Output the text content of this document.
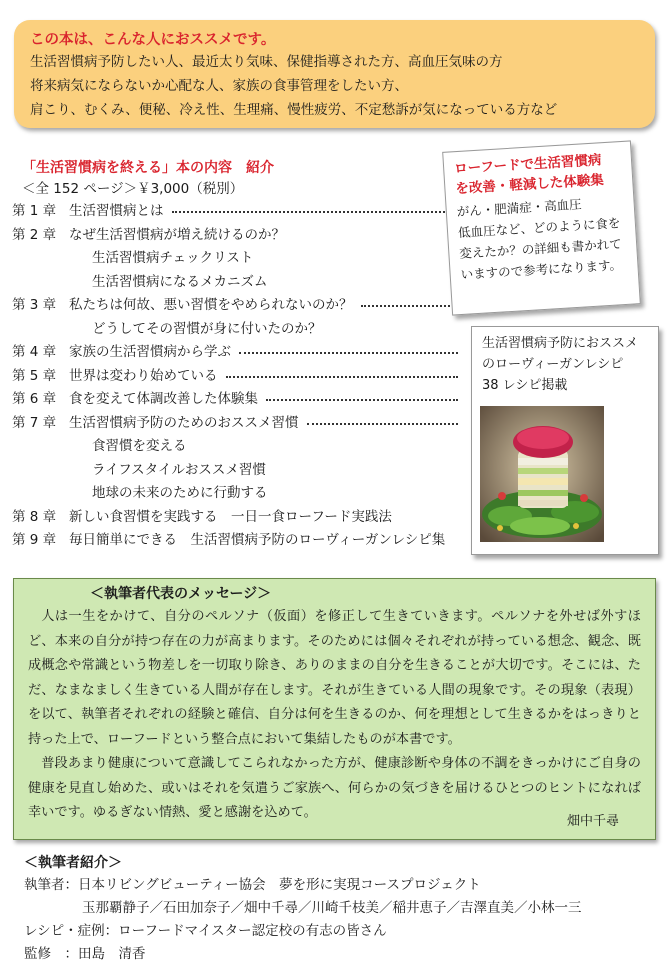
この本は、こんな人におススメです。
生活習慣病予防したい人、最近太り気味、保健指導された方、高血圧気味の方
将来病気にならないか心配な人、家族の食事管理をしたい方、
肩こり、むくみ、便秘、冷え性、生理痛、慢性疲労、不定愁訴が気になっている方など
「生活習慣病を終える」本の内容　紹介
＜全 152 ページ＞￥3,000（税別）
第 1 章 生活習慣病とは
第 2 章 なぜ生活習慣病が増え続けるのか？
生活習慣病チェックリスト
生活習慣病になるメカニズム
第 3 章 私たちは何故、悪い習慣をやめられないのか？
どうしてその習慣が身に付いたのか？
第 4 章 家族の生活習慣病から学ぶ
第 5 章 世界は変わり始めている
第 6 章 食を変えて体調改善した体験集
第 7 章 生活習慣病予防のためのおススメ習慣
食習慣を変える
ライフスタイルおススメ習慣
地球の未来のために行動する
第 8 章 新しい食習慣を実践する　一日一食ローフード実践法
第 9 章 毎日簡単にできる　生活習慣病予防のローヴィーガンレシピ集
ローフードで生活習慣病
を改善・軽減した体験集
がん・肥満症・高血圧
低血圧など、どのように食を
変えたか？の詳細も書かれて
いますので参考になります。
生活習慣病予防におススメ
のローヴィーガンレシピ
38 レシピ掲載
＜執筆者代表のメッセージ＞

人は一生をかけて、自分のペルソナ（仮面）を修正して生きていきます。ペルソナを外せば外すほど、本来の自分が持つ存在の力が高まります。そのためには個々それぞれが持っている想念、観念、既成概念や常識という物差しを一切取り除き、ありのままの自分を生きることが大切です。そこには、ただ、なまなましく生きている人間が存在します。それが生きている人間の現象です。その現象（表現）を以て、執筆者それぞれの経験と確信、自分は何を生きるのか、何を理想として生きるかをはっきりと持った上で、ローフードという整合点において集結したものが本書です。

普段あまり健康について意識してこられなかった方が、健康診断や身体の不調をきっかけにご自身の健康を見直し始めた、或いはそれを気遣うご家族へ、何らかの気づきを届けるひとつのヒントになれば幸いです。ゆるぎない情熱、愛と感謝を込めて。

畑中千尋
＜執筆者紹介＞
執筆者：日本リビングビューティー協会　夢を形に実現コースプロジェクト
玉那覇静子／石田加奈子／畑中千尋／川崎千枝美／稲井恵子／吉澤直美／小林一三
レシピ・症例：ローフードマイスター認定校の有志の皆さん
監修　：田島　清香
